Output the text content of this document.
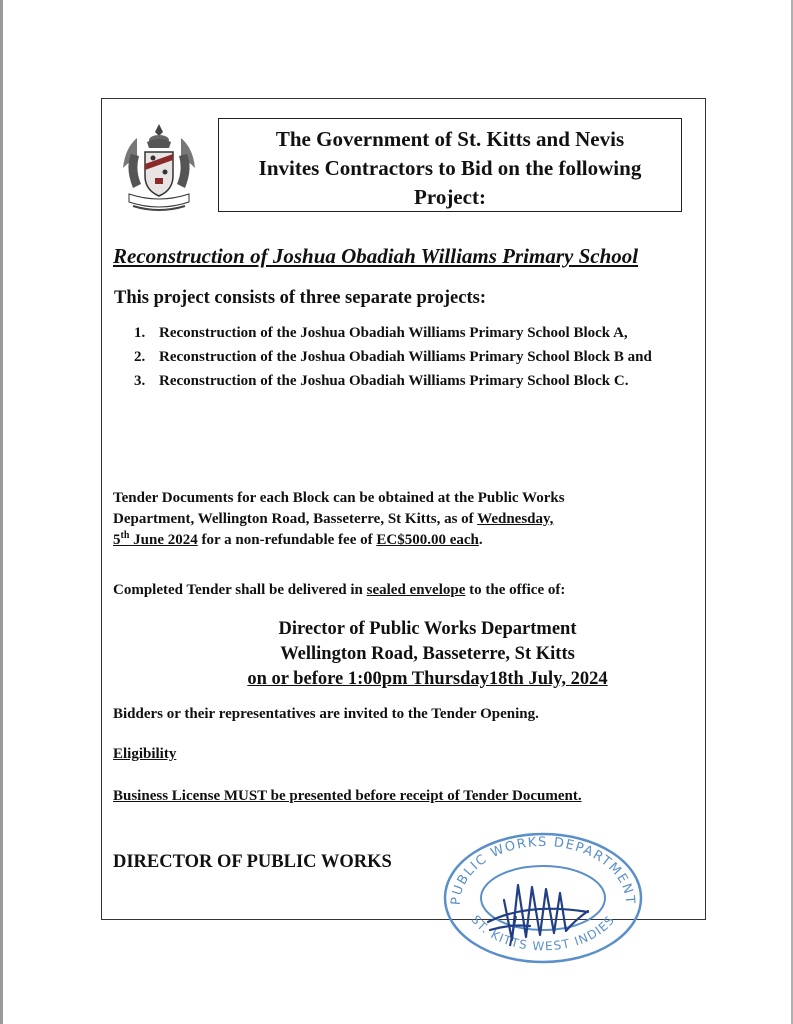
The Government of St. Kitts and Nevis
Invites Contractors to Bid on the following
Project:
Reconstruction of Joshua Obadiah Williams Primary School
This project consists of three separate projects:
1. Reconstruction of the Joshua Obadiah Williams Primary School Block A,
2. Reconstruction of the Joshua Obadiah Williams Primary School Block B and
3. Reconstruction of the Joshua Obadiah Williams Primary School Block C.
Tender Documents for each Block can be obtained at the Public Works
Department, Wellington Road, Basseterre, St Kitts, as of Wednesday,
5th June 2024 for a non-refundable fee of EC$500.00 each.
Completed Tender shall be delivered in sealed envelope to the office of:
Director of Public Works Department
Wellington Road, Basseterre, St Kitts
on or before 1:00pm Thursday18th July, 2024
Bidders or their representatives are invited to the Tender Opening.
Eligibility
Business License MUST be presented before receipt of Tender Document.
DIRECTOR OF PUBLIC WORKS
PUBLIC WORKS DEPARTMENT
ST. KITTS WEST INDIES
